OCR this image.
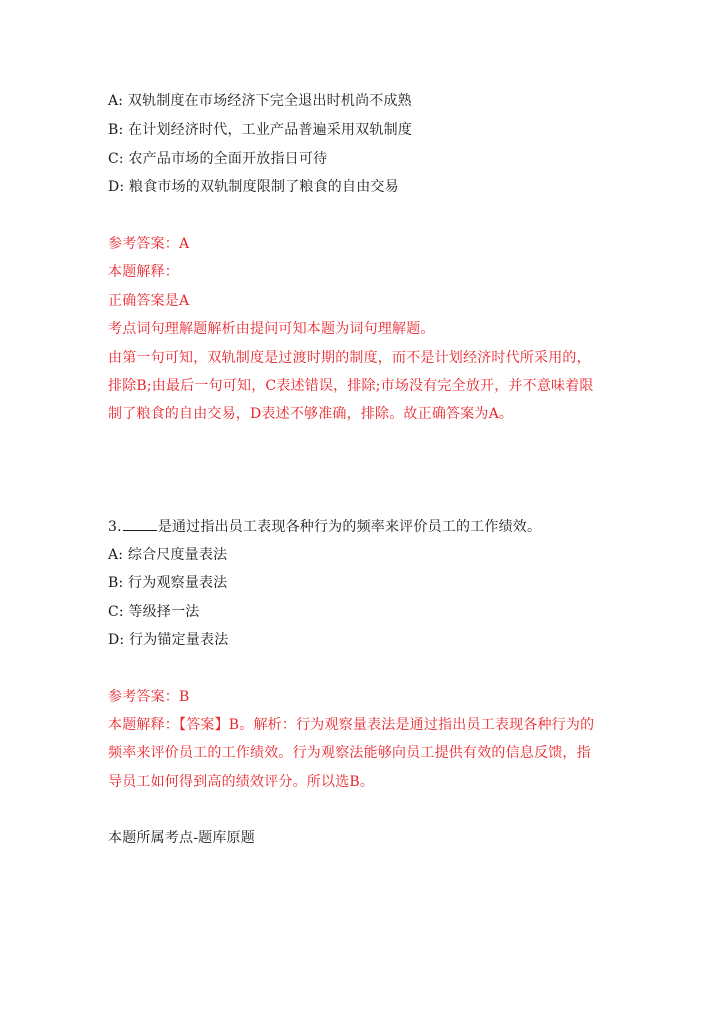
A: 双轨制度在市场经济下完全退出时机尚不成熟
B: 在计划经济时代，工业产品普遍采用双轨制度
C: 农产品市场的全面开放指日可待
D: 粮食市场的双轨制度限制了粮食的自由交易
参考答案：A
本题解释：
正确答案是A
考点词句理解题解析由提问可知本题为词句理解题。
由第一句可知，双轨制度是过渡时期的制度，而不是计划经济时代所采用的，
排除B;由最后一句可知，C表述错误，排除;市场没有完全放开，并不意味着限
制了粮食的自由交易，D表述不够准确，排除。故正确答案为A。
3.	是通过指出员工表现各种行为的频率来评价员工的工作绩效。
A: 综合尺度量表法
B: 行为观察量表法
C: 等级择一法
D: 行为锚定量表法
参考答案：B
本题解释：【答案】B。解析：行为观察量表法是通过指出员工表现各种行为的
频率来评价员工的工作绩效。行为观察法能够向员工提供有效的信息反馈，指
导员工如何得到高的绩效评分。所以选B。
本题所属考点-题库原题
